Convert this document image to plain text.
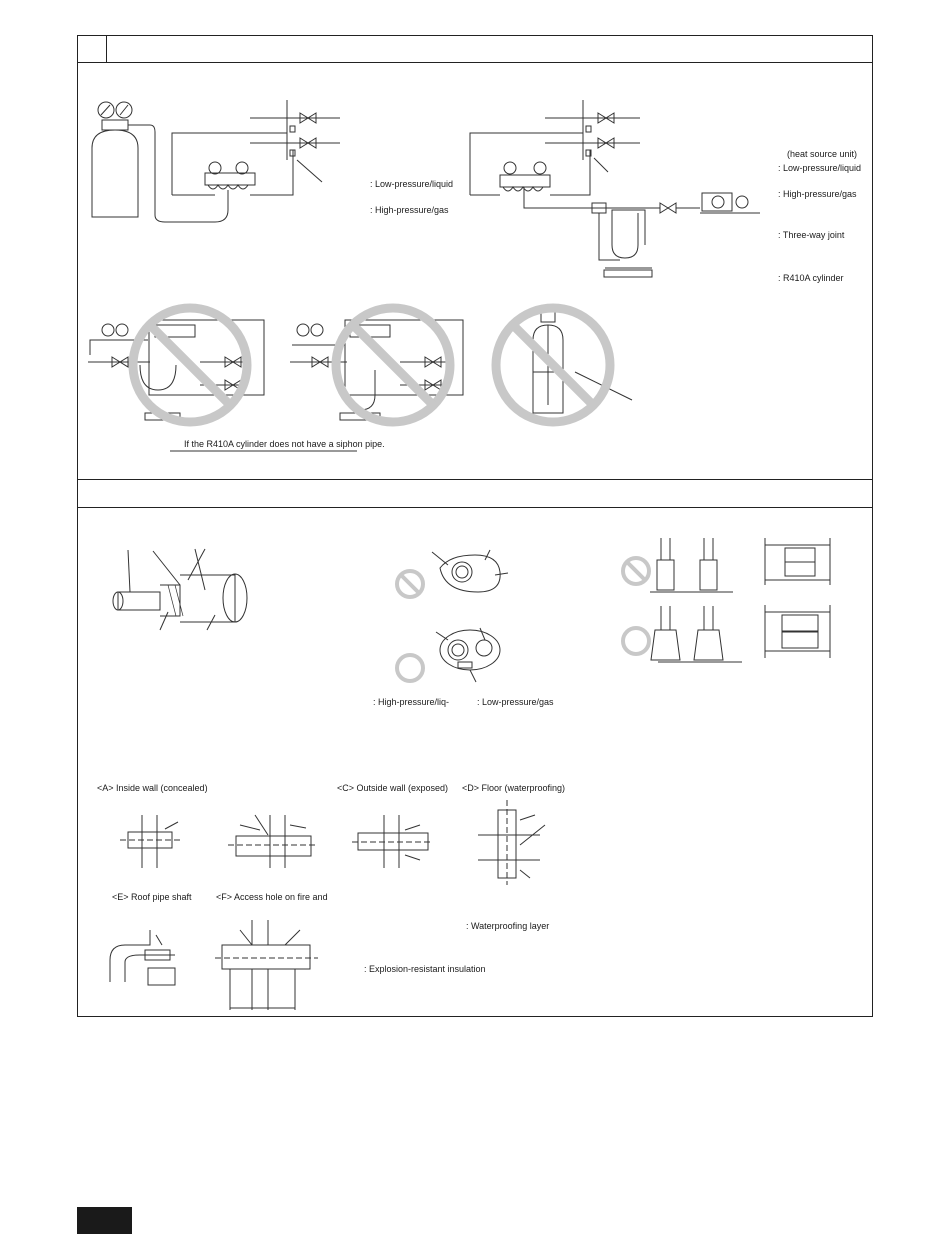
: Low-pressure/liquid
: High-pressure/gas
(heat source unit)
: Low-pressure/liquid
: High-pressure/gas
: Three-way joint
: R410A cylinder
If the R410A cylinder does not have a siphon pipe.
: High-pressure/liq-	: Low-pressure/gas
<A> Inside wall (concealed)	<C> Outside wall (exposed) <D> Floor (waterproofing)
<E> Roof pipe shaft	<F> Access hole on fire and
: Waterproofing layer
: Explosion-resistant insulation
